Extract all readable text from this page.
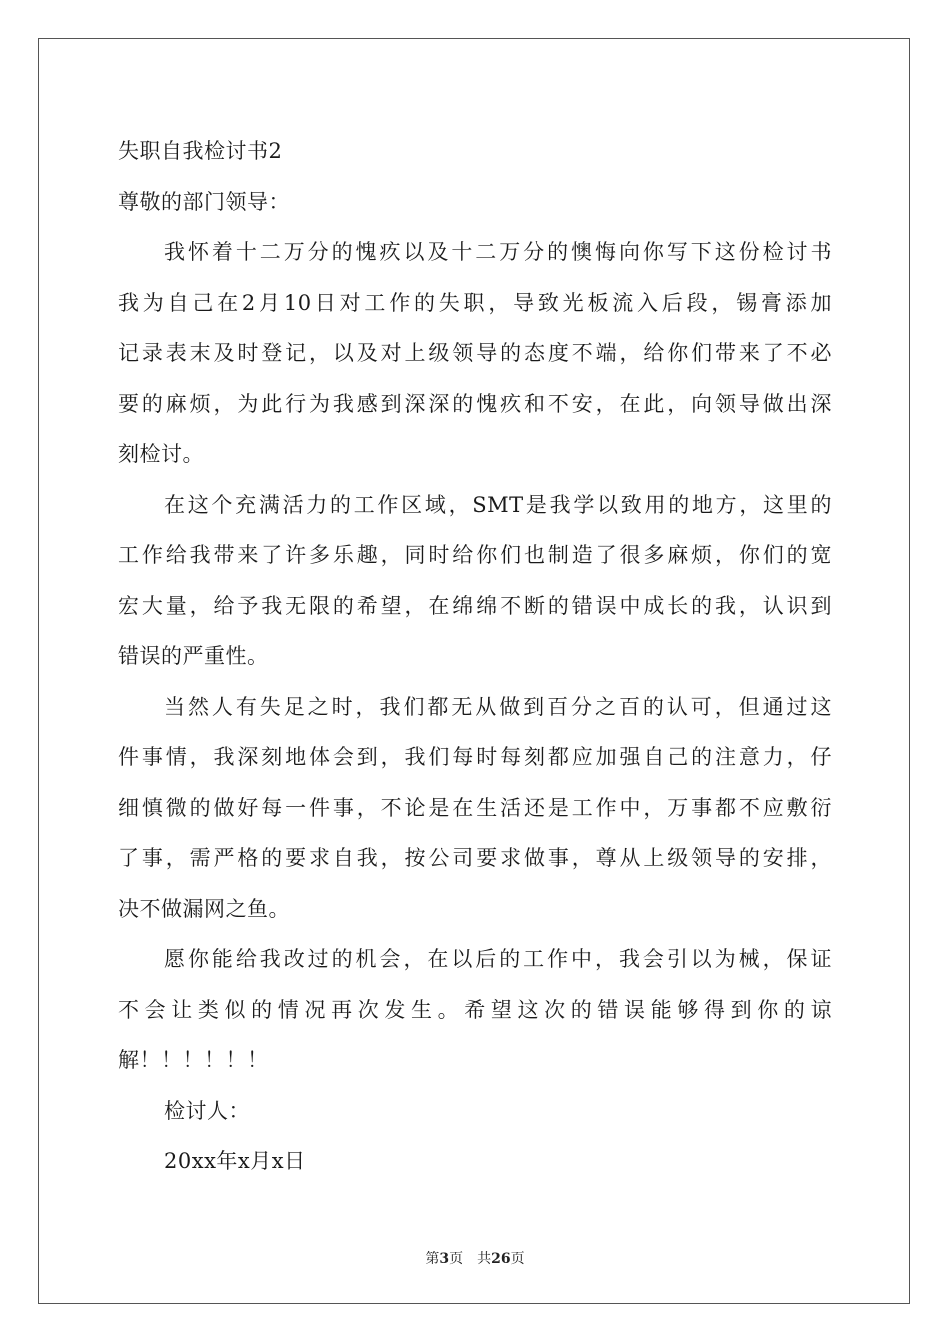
失职自我检讨书2
尊敬的部门领导：
我怀着十二万分的愧疚以及十二万分的懊悔向你写下这份检讨书
我为自己在2月10日对工作的失职，导致光板流入后段，锡膏添加
记录表末及时登记，以及对上级领导的态度不端，给你们带来了不必
要的麻烦，为此行为我感到深深的愧疚和不安，在此，向领导做出深
刻检讨。
在这个充满活力的工作区域，SMT是我学以致用的地方，这里的
工作给我带来了许多乐趣，同时给你们也制造了很多麻烦，你们的宽
宏大量，给予我无限的希望，在绵绵不断的错误中成长的我，认识到
错误的严重性。
当然人有失足之时，我们都无从做到百分之百的认可，但通过这
件事情，我深刻地体会到，我们每时每刻都应加强自己的注意力，仔
细慎微的做好每一件事，不论是在生活还是工作中，万事都不应敷衍
了事，需严格的要求自我，按公司要求做事，尊从上级领导的安排，
决不做漏网之鱼。
愿你能给我改过的机会，在以后的工作中，我会引以为械，保证
不会让类似的情况再次发生。希望这次的错误能够得到你的谅
解！！！！！！
检讨人：
20xx年x月x日
第3页 共26页
